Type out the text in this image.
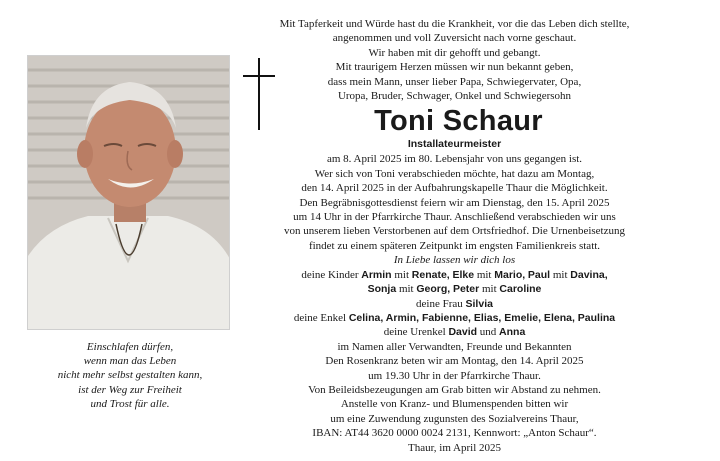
Einschlafen dürfen,
wenn man das Leben
nicht mehr selbst gestalten kann,
ist der Weg zur Freiheit
und Trost für alle.
Mit Tapferkeit und Würde hast du die Krankheit, vor die das Leben dich stellte,
angenommen und voll Zuversicht nach vorne geschaut.
Wir haben mit dir gehofft und gebangt.
Mit traurigem Herzen müssen wir nun bekannt geben,
dass mein Mann, unser lieber Papa, Schwiegervater, Opa,
Uropa, Bruder, Schwager, Onkel und Schwiegersohn
Toni Schaur
Installateurmeister
am 8. April 2025 im 80. Lebensjahr von uns gegangen ist.
Wer sich von Toni verabschieden möchte, hat dazu am Montag,
den 14. April 2025 in der Aufbahrungskapelle Thaur die Möglichkeit.
Den Begräbnisgottesdienst feiern wir am Dienstag, den 15. April 2025
um 14 Uhr in der Pfarrkirche Thaur. Anschließend verabschieden wir uns
von unserem lieben Verstorbenen auf dem Ortsfriedhof. Die Urnenbeisetzung
findet zu einem späteren Zeitpunkt im engsten Familienkreis statt.
In Liebe lassen wir dich los
deine Kinder Armin mit Renate, Elke mit Mario, Paul mit Davina,
Sonja mit Georg, Peter mit Caroline
deine Frau Silvia
deine Enkel Celina, Armin, Fabienne, Elias, Emelie, Elena, Paulina
deine Urenkel David und Anna
im Namen aller Verwandten, Freunde und Bekannten
Den Rosenkranz beten wir am Montag, den 14. April 2025
um 19.30 Uhr in der Pfarrkirche Thaur.
Von Beileidsbezeugungen am Grab bitten wir Abstand zu nehmen.
Anstelle von Kranz- und Blumenspenden bitten wir
um eine Zuwendung zugunsten des Sozialvereins Thaur,
IBAN: AT44 3620 0000 0024 2131, Kennwort: „Anton Schaur“.
Thaur, im April 2025
